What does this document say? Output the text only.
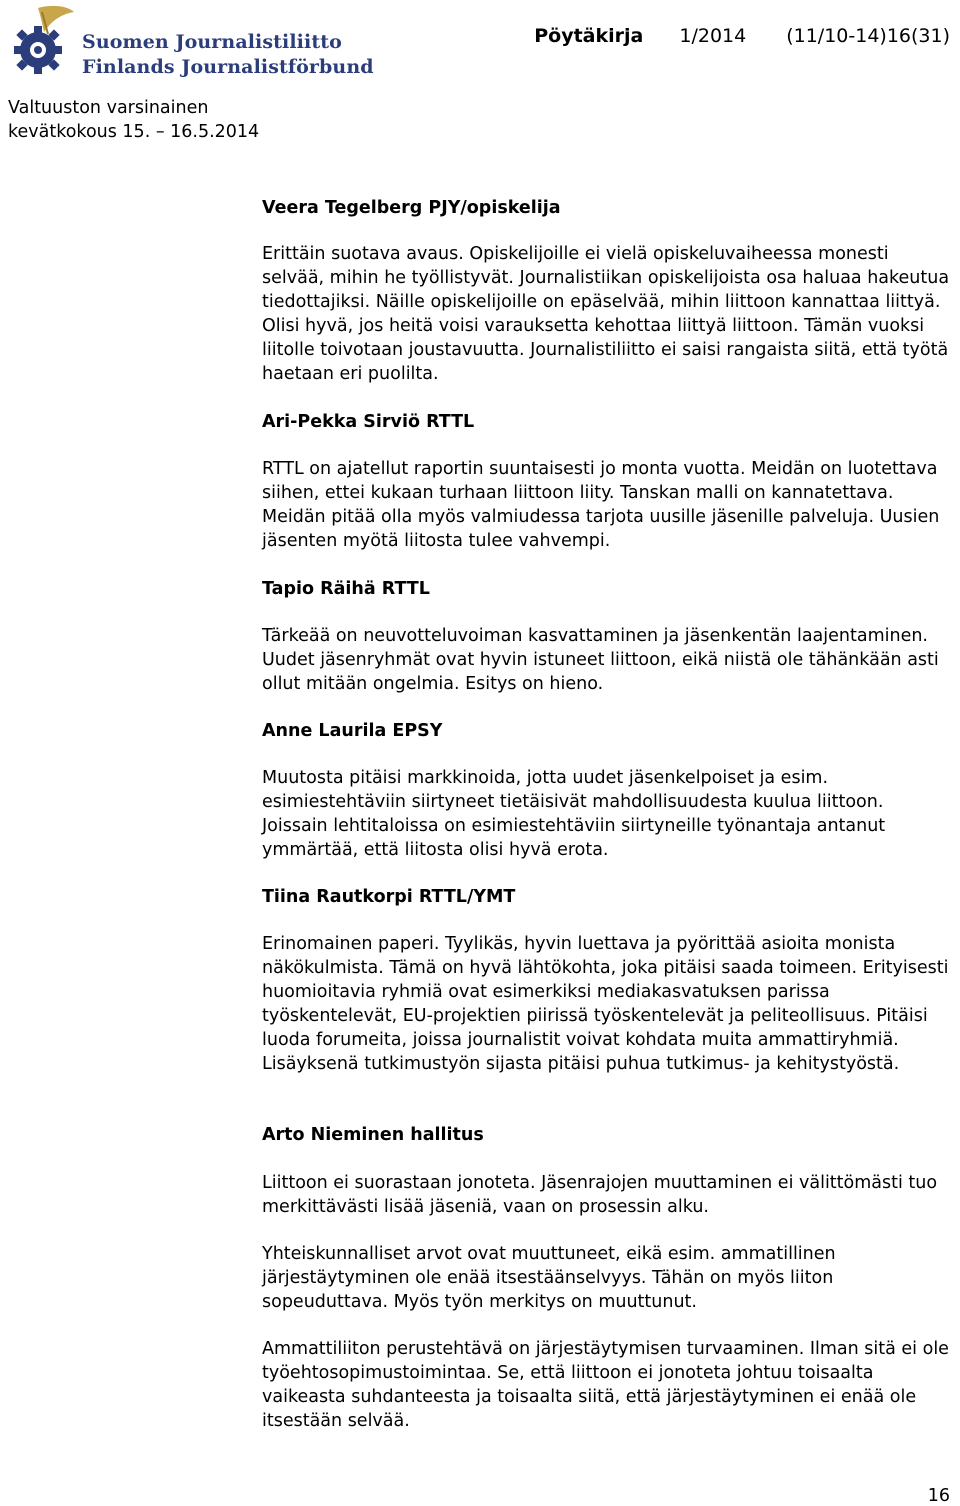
Suomen Journalistiliitto
Finlands Journalistförbund
Pöytäkirja 1/2014 (11/10-14)16(31)
Valtuuston varsinainen
kevätkokous 15. – 16.5.2014
Veera Tegelberg PJY/opiskelija

Erittäin suotava avaus. Opiskelijoille ei vielä opiskeluvaiheessa monesti selvää, mihin he työllistyvät. Journalistiikan opiskelijoista osa haluaa hakeutua tiedottajiksi. Näille opiskelijoille on epäselvää, mihin liittoon kannattaa liittyä. Olisi hyvä, jos heitä voisi varauksetta kehottaa liittyä liittoon. Tämän vuoksi liitolle toivotaan joustavuutta. Journalistiliitto ei saisi rangaista siitä, että työtä haetaan eri puolilta.

Ari-Pekka Sirviö RTTL

RTTL on ajatellut raportin suuntaisesti jo monta vuotta. Meidän on luotettava siihen, ettei kukaan turhaan liittoon liity. Tanskan malli on kannatettava. Meidän pitää olla myös valmiudessa tarjota uusille jäsenille palveluja. Uusien jäsenten myötä liitosta tulee vahvempi.

Tapio Räihä RTTL

Tärkeää on neuvotteluvoiman kasvattaminen ja jäsenkentän laajentaminen. Uudet jäsenryhmät ovat hyvin istuneet liittoon, eikä niistä ole tähänkään asti ollut mitään ongelmia. Esitys on hieno.

Anne Laurila EPSY

Muutosta pitäisi markkinoida, jotta uudet jäsenkelpoiset ja esim. esimiestehtäviin siirtyneet tietäisivät mahdollisuudesta kuulua liittoon. Joissain lehtitaloissa on esimiestehtäviin siirtyneille työnantaja antanut ymmärtää, että liitosta olisi hyvä erota.

Tiina Rautkorpi RTTL/YMT

Erinomainen paperi. Tyylikäs, hyvin luettava ja pyörittää asioita monista näkökulmista. Tämä on hyvä lähtökohta, joka pitäisi saada toimeen. Erityisesti huomioitavia ryhmiä ovat esimerkiksi mediakasvatuksen parissa työskentelevät, EU-projektien piirissä työskentelevät ja peliteollisuus. Pitäisi luoda forumeita, joissa journalistit voivat kohdata muita ammattiryhmiä. Lisäyksenä tutkimustyön sijasta pitäisi puhua tutkimus- ja kehitystyöstä.

Arto Nieminen hallitus

Liittoon ei suorastaan jonoteta. Jäsenrajojen muuttaminen ei välittömästi tuo merkittävästi lisää jäseniä, vaan on prosessin alku.

Yhteiskunnalliset arvot ovat muuttuneet, eikä esim. ammatillinen järjestäytyminen ole enää itsestäänselvyys. Tähän on myös liiton sopeuduttava. Myös työn merkitys on muuttunut.

Ammattiliiton perustehtävä on järjestäytymisen turvaaminen. Ilman sitä ei ole työehtosopimustoimintaa. Se, että liittoon ei jonoteta johtuu toisaalta vaikeasta suhdanteesta ja toisaalta siitä, että järjestäytyminen ei enää ole itsestään selvää.

16
